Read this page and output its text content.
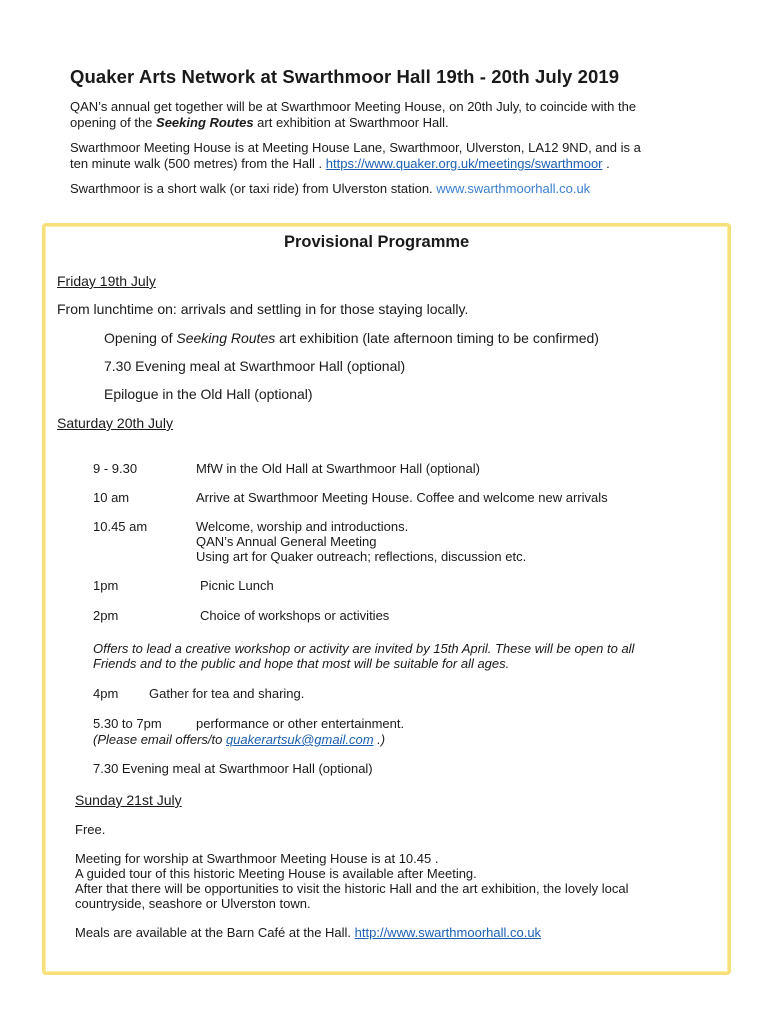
Quaker Arts Network at Swarthmoor Hall 19th - 20th July 2019
QAN’s annual get together will be at Swarthmoor Meeting House, on 20th July, to coincide with the
opening of the Seeking Routes art exhibition at Swarthmoor Hall.
Swarthmoor Meeting House is at Meeting House Lane, Swarthmoor, Ulverston, LA12 9ND, and is a
ten minute walk (500 metres) from the Hall . https://www.quaker.org.uk/meetings/swarthmoor .
Swarthmoor is a short walk (or taxi ride) from Ulverston station. www.swarthmoorhall.co.uk
Provisional Programme
Friday 19th July
From lunchtime on: arrivals and settling in for those staying locally.
Opening of Seeking Routes art exhibition (late afternoon timing to be confirmed)
7.30 Evening meal at Swarthmoor Hall (optional)
Epilogue in the Old Hall (optional)
Saturday 20th July
9 - 9.30	MfW in the Old Hall at Swarthmoor Hall (optional)
10 am	Arrive at Swarthmoor Meeting House. Coffee and welcome new arrivals
10.45 am	Welcome, worship and introductions.
QAN’s Annual General Meeting
Using art for Quaker outreach; reflections, discussion etc.
1pm	Picnic Lunch
2pm	Choice of workshops or activities
Offers to lead a creative workshop or activity are invited by 15th April. These will be open to all
Friends and to the public and hope that most will be suitable for all ages.
4pm Gather for tea and sharing.
5.30 to 7pm	performance or other entertainment.
(Please email offers/to quakerartsuk@gmail.com .)
7.30 Evening meal at Swarthmoor Hall (optional)
Sunday 21st July
Free.
Meeting for worship at Swarthmoor Meeting House is at 10.45 .
A guided tour of this historic Meeting House is available after Meeting.
After that there will be opportunities to visit the historic Hall and the art exhibition, the lovely local
countryside, seashore or Ulverston town.
Meals are available at the Barn Café at the Hall. http://www.swarthmoorhall.co.uk
